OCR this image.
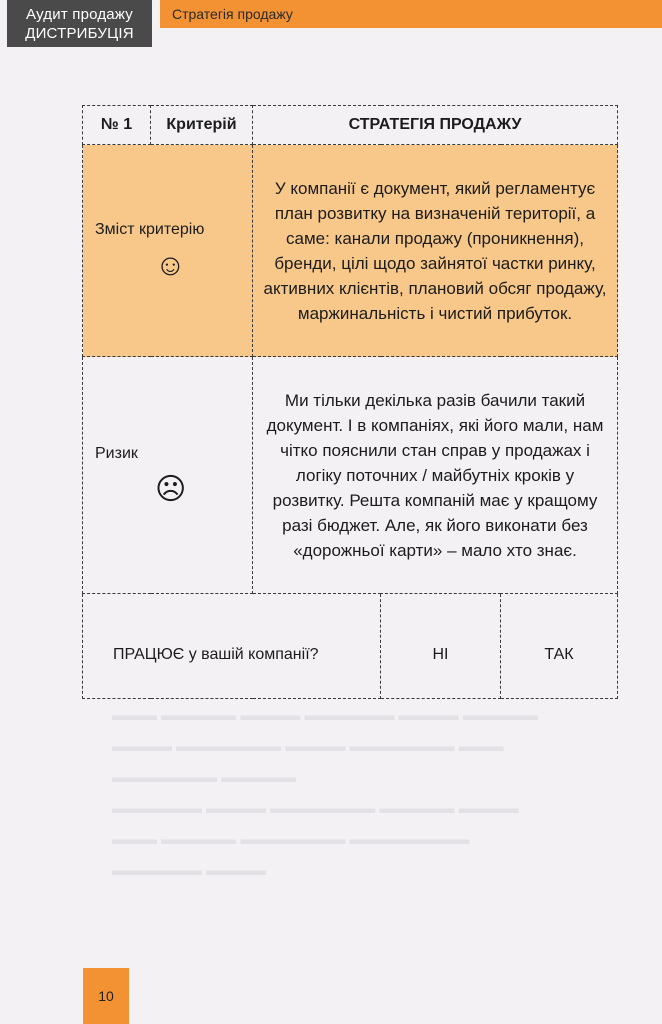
Аудит продажу
ДИСТРИБУЦІЯ
Стратегія продажу
▬▬▬ ▬▬▬▬▬ ▬▬▬▬ ▬▬▬▬▬▬ ▬▬▬▬ ▬▬▬▬▬
▬▬▬▬ ▬▬▬▬▬▬▬ ▬▬▬▬ ▬▬▬▬▬▬▬ ▬▬▬
▬▬▬▬▬▬▬ ▬▬▬▬▬
▬▬▬▬▬▬ ▬▬▬▬ ▬▬▬▬▬▬▬ ▬▬▬▬▬ ▬▬▬▬
▬▬▬ ▬▬▬▬▬ ▬▬▬▬▬▬▬ ▬▬▬▬▬▬▬▬
▬▬▬▬▬▬ ▬▬▬▬
№ 1	Критерій	СТРАТЕГІЯ ПРОДАЖУ		

Зміст критерію
☺		У компанії є документ, який регламентує план розвитку на визначеній території, а саме: канали продажу (проникнення), бренди, цілі щодо зайнятої частки ринку, активних клієнтів, плановий обсяг продажу, маржинальність і чистий прибуток.		

Ризик
☹		Ми тільки декілька разів бачили такий документ. І в компаніях, які його мали, нам чітко пояснили стан справ у продажах і логіку поточних / майбутніх кроків у розвитку. Решта компаній має у кращому разі бюджет. Але, як його виконати без «дорожньої карти» – мало хто знає.		
ПРАЦЮЄ у вашій компанії?			НІ	ТАК
10
